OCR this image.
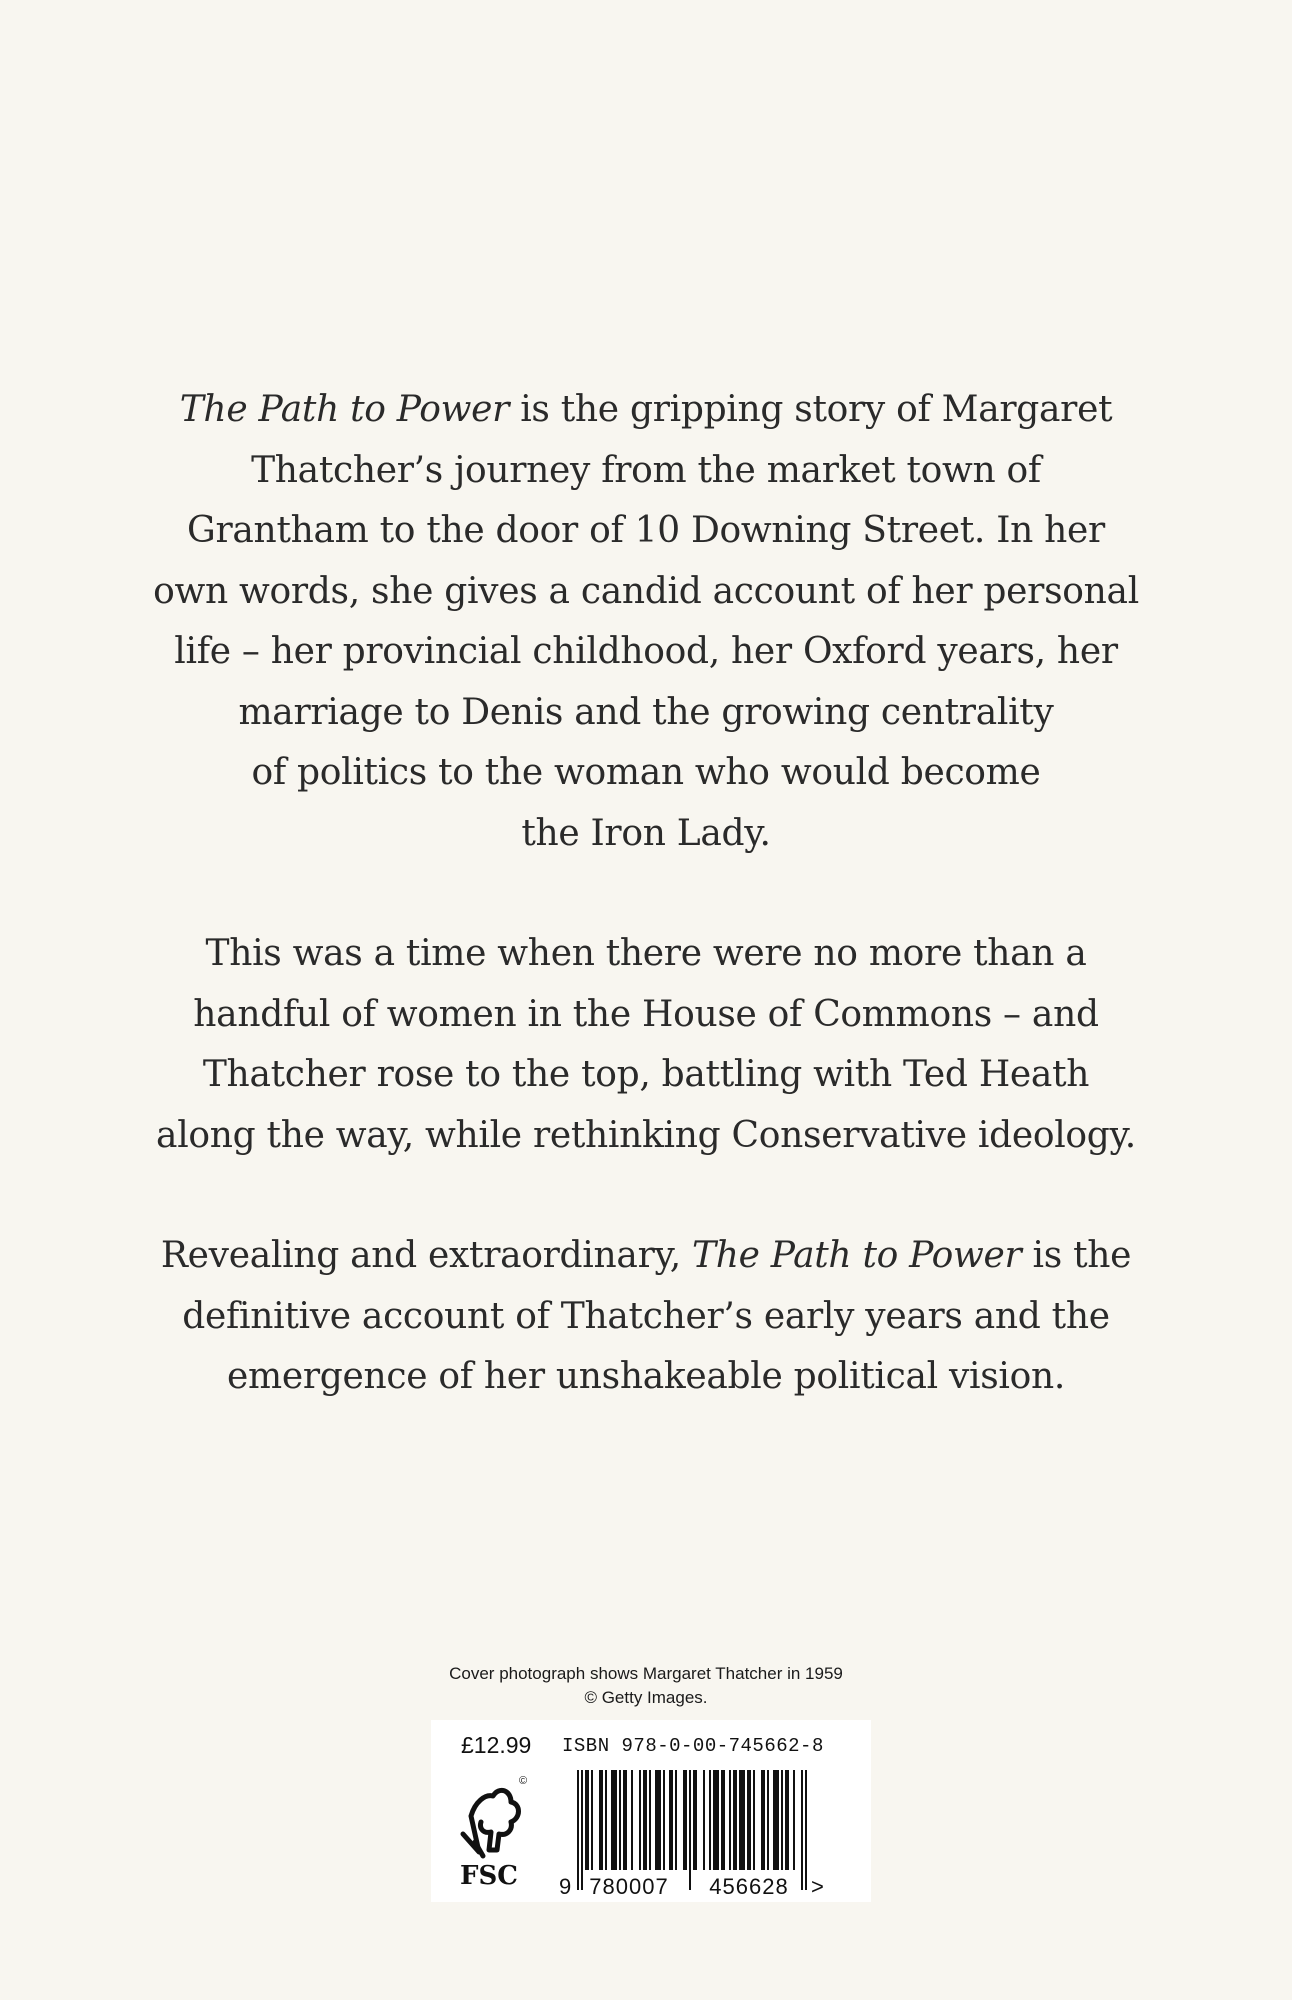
The Path to Power is the gripping story of Margaret
Thatcher’s journey from the market town of
Grantham to the door of 10 Downing Street. In her
own words, she gives a candid account of her personal
life – her provincial childhood, her Oxford years, her
marriage to Denis and the growing centrality
of politics to the woman who would become
the Iron Lady.

This was a time when there were no more than a
handful of women in the House of Commons – and
Thatcher rose to the top, battling with Ted Heath
along the way, while rethinking Conservative ideology.

Revealing and extraordinary, The Path to Power is the
definitive account of Thatcher’s early years and the
emergence of her unshakeable political vision.

Cover photograph shows Margaret Thatcher in 1959
© Getty Images.
£12.99 ISBN 978-0-00-745662-8
©
FSC 9 780007 456628 >
